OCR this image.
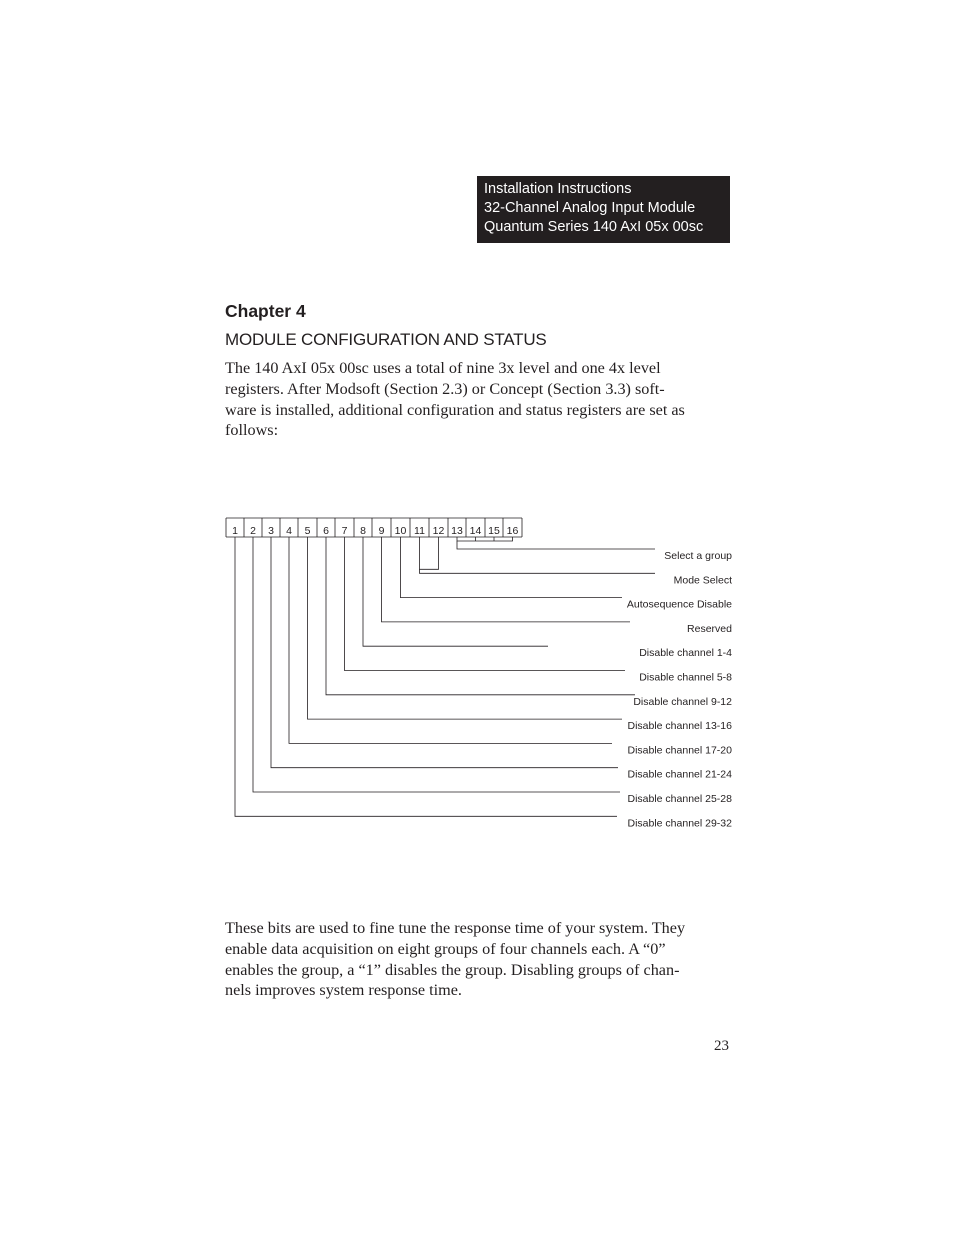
Installation Instructions
32-Channel Analog Input Module
Quantum Series 140 AxI 05x 00sc
Chapter 4
MODULE CONFIGURATION AND STATUS
The 140 AxI 05x 00sc uses a total of nine 3x level and one 4x level
registers. After Modsoft (Section 2.3) or Concept (Section 3.3) soft-
ware is installed, additional configuration and status registers are set as
follows:
1 2 3 4 5 6 7 8 9 10 11 12 13 14 15 16
Select a group
Mode Select
Autosequence Disable
Reserved
Disable channel 1-4
Disable channel 5-8
Disable channel 9-12
Disable channel 13-16
Disable channel 17-20
Disable channel 21-24
Disable channel 25-28
Disable channel 29-32
These bits are used to fine tune the response time of your system. They
enable data acquisition on eight groups of four channels each. A “0”
enables the group, a “1” disables the group. Disabling groups of chan-
nels improves system response time.
23
